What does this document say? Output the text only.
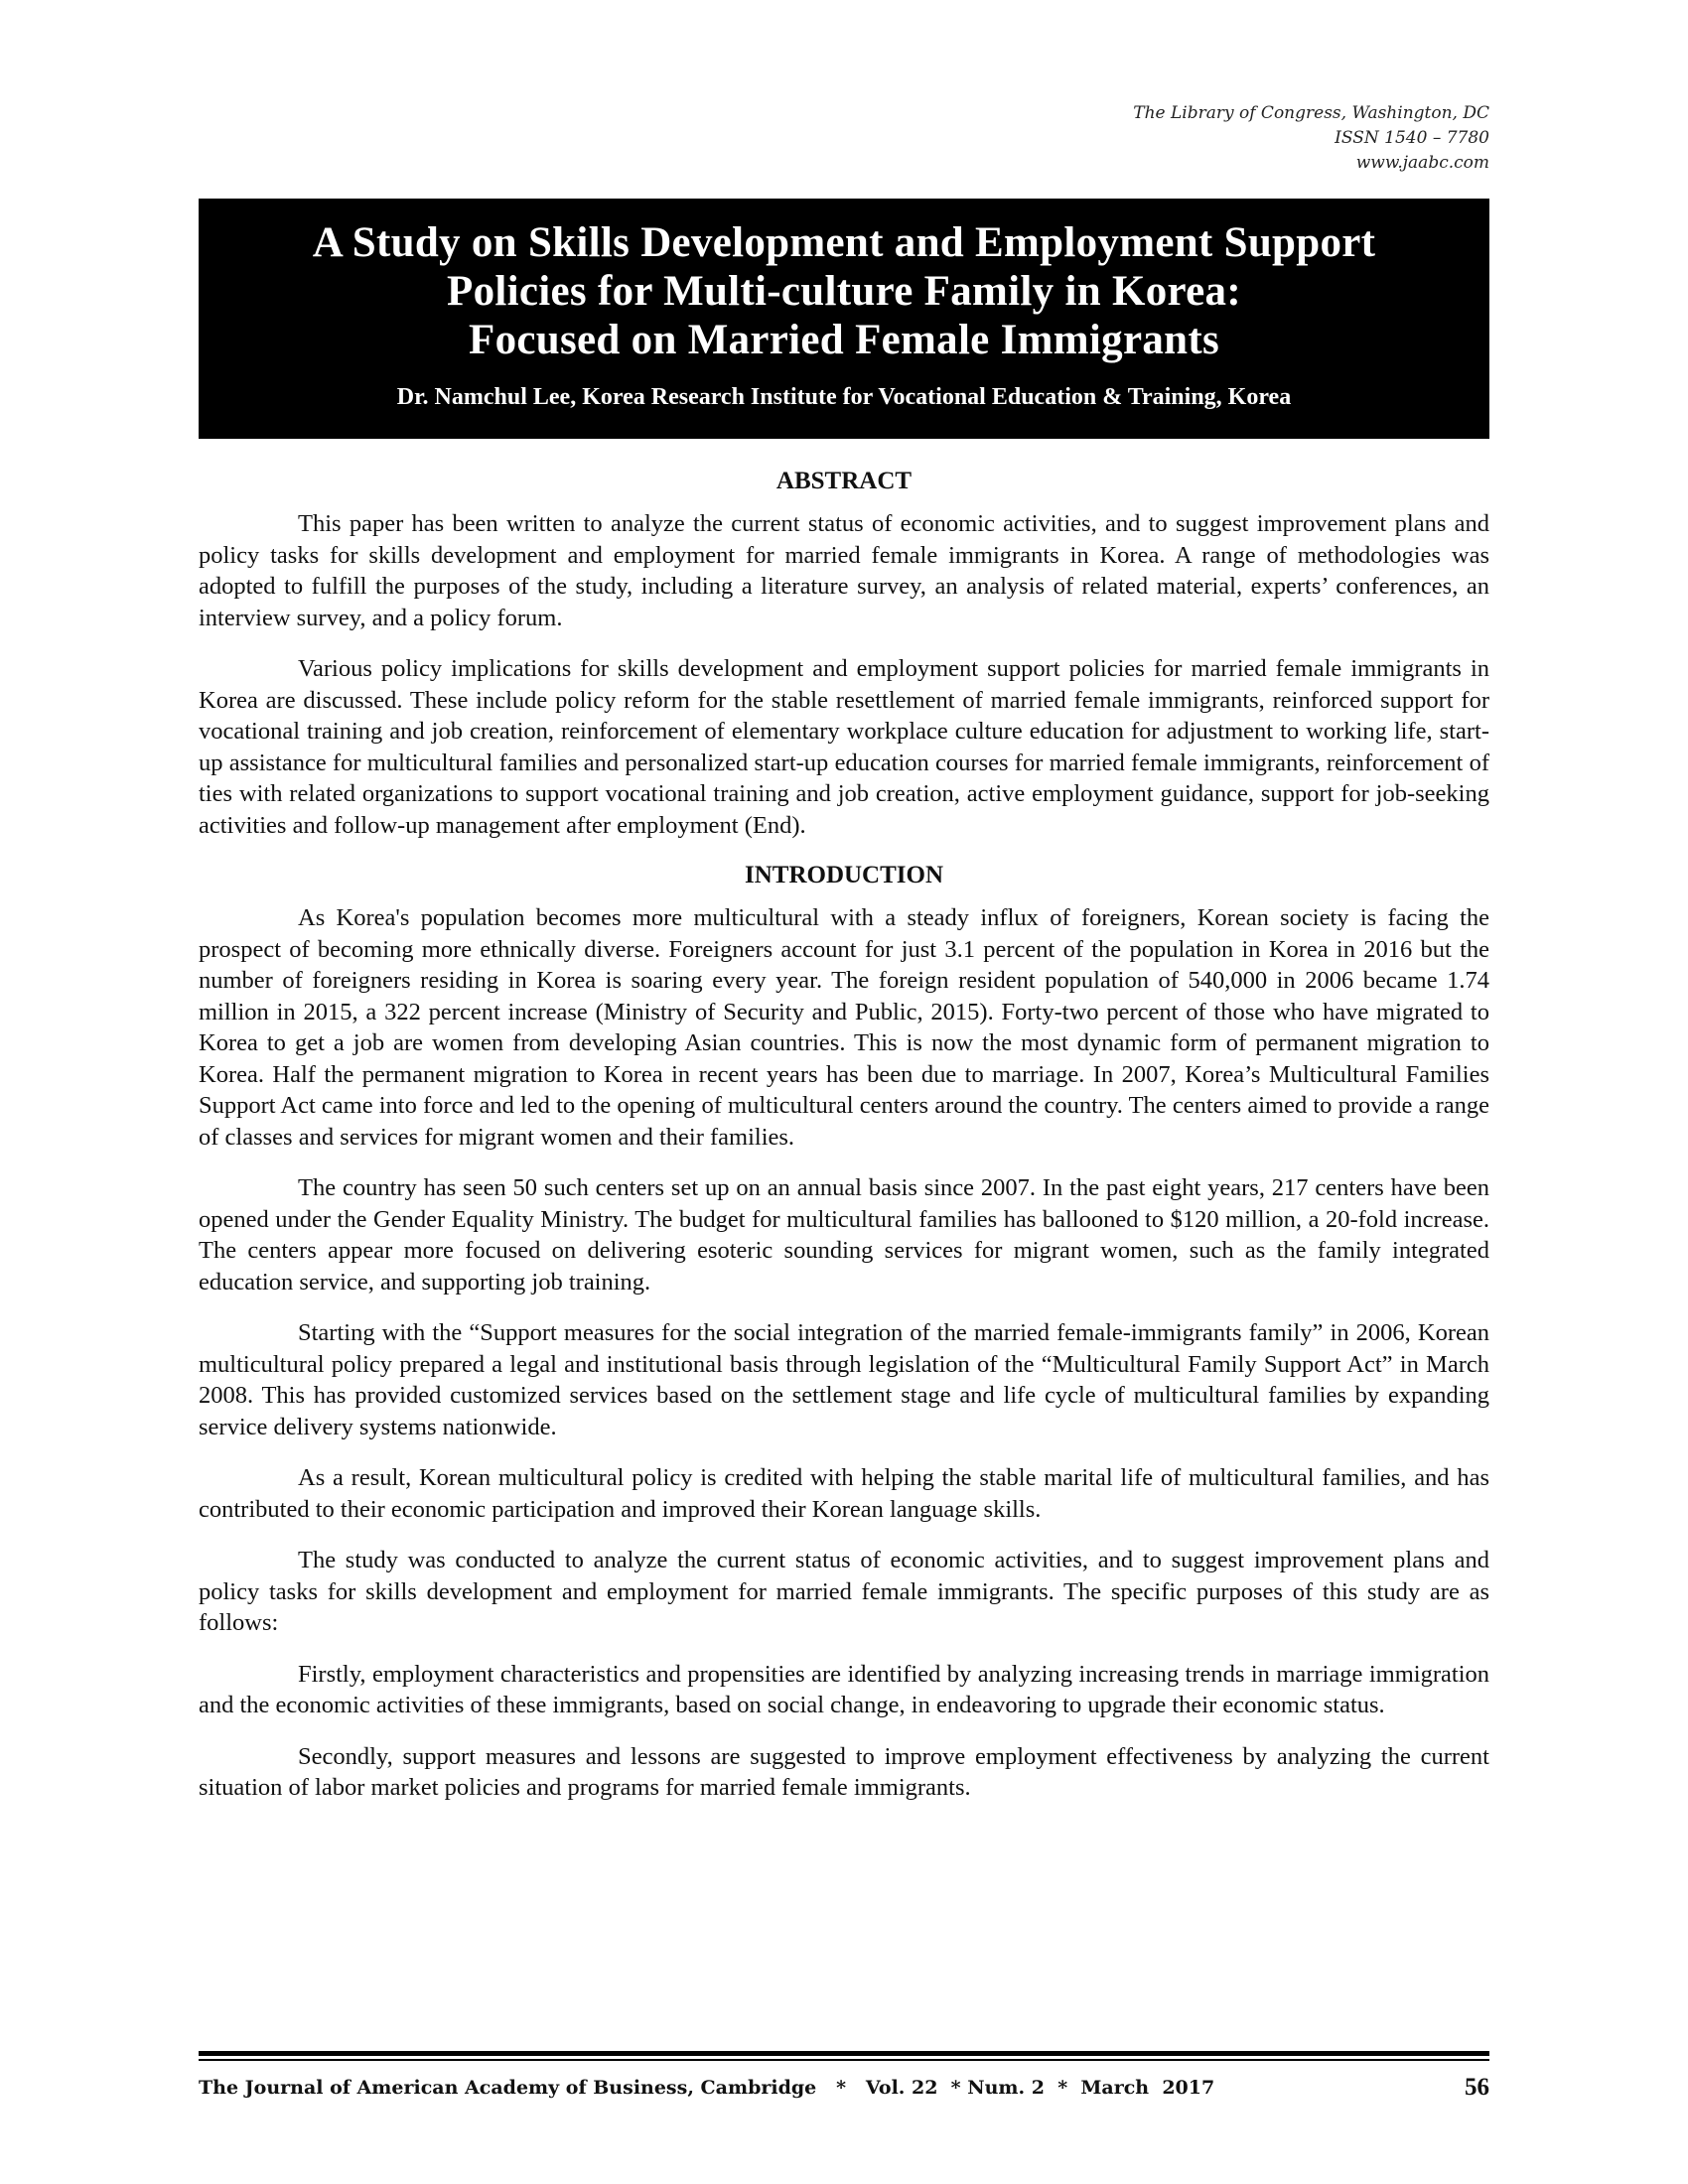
The Library of Congress, Washington, DC
ISSN 1540 – 7780
www.jaabc.com
A Study on Skills Development and Employment Support
Policies for Multi-culture Family in Korea:
Focused on Married Female Immigrants
Dr. Namchul Lee, Korea Research Institute for Vocational Education & Training, Korea
ABSTRACT

This paper has been written to analyze the current status of economic activities, and to suggest improvement plans and policy tasks for skills development and employment for married female immigrants in Korea. A range of methodologies was adopted to fulfill the purposes of the study, including a literature survey, an analysis of related material, experts’ conferences, an interview survey, and a policy forum.

Various policy implications for skills development and employment support policies for married female immigrants in Korea are discussed. These include policy reform for the stable resettlement of married female immigrants, reinforced support for vocational training and job creation, reinforcement of elementary workplace culture education for adjustment to working life, start-up assistance for multicultural families and personalized start-up education courses for married female immigrants, reinforcement of ties with related organizations to support vocational training and job creation, active employment guidance, support for job-seeking activities and follow-up management after employment (End).

INTRODUCTION

As Korea's population becomes more multicultural with a steady influx of foreigners, Korean society is facing the prospect of becoming more ethnically diverse. Foreigners account for just 3.1 percent of the population in Korea in 2016 but the number of foreigners residing in Korea is soaring every year. The foreign resident population of 540,000 in 2006 became 1.74 million in 2015, a 322 percent increase (Ministry of Security and Public, 2015). Forty-two percent of those who have migrated to Korea to get a job are women from developing Asian countries. This is now the most dynamic form of permanent migration to Korea. Half the permanent migration to Korea in recent years has been due to marriage. In 2007, Korea’s Multicultural Families Support Act came into force and led to the opening of multicultural centers around the country. The centers aimed to provide a range of classes and services for migrant women and their families.

The country has seen 50 such centers set up on an annual basis since 2007. In the past eight years, 217 centers have been opened under the Gender Equality Ministry. The budget for multicultural families has ballooned to $120 million, a 20-fold increase. The centers appear more focused on delivering esoteric sounding services for migrant women, such as the family integrated education service, and supporting job training.

Starting with the “Support measures for the social integration of the married female-immigrants family” in 2006, Korean multicultural policy prepared a legal and institutional basis through legislation of the “Multicultural Family Support Act” in March 2008. This has provided customized services based on the settlement stage and life cycle of multicultural families by expanding service delivery systems nationwide.

As a result, Korean multicultural policy is credited with helping the stable marital life of multicultural families, and has contributed to their economic participation and improved their Korean language skills.

The study was conducted to analyze the current status of economic activities, and to suggest improvement plans and policy tasks for skills development and employment for married female immigrants. The specific purposes of this study are as follows:

Firstly, employment characteristics and propensities are identified by analyzing increasing trends in marriage immigration and the economic activities of these immigrants, based on social change, in endeavoring to upgrade their economic status.

Secondly, support measures and lessons are suggested to improve employment effectiveness by analyzing the current situation of labor market policies and programs for married female immigrants.

The Journal of American Academy of Business, Cambridge   *   Vol. 22  * Num. 2  *  March  2017	56
